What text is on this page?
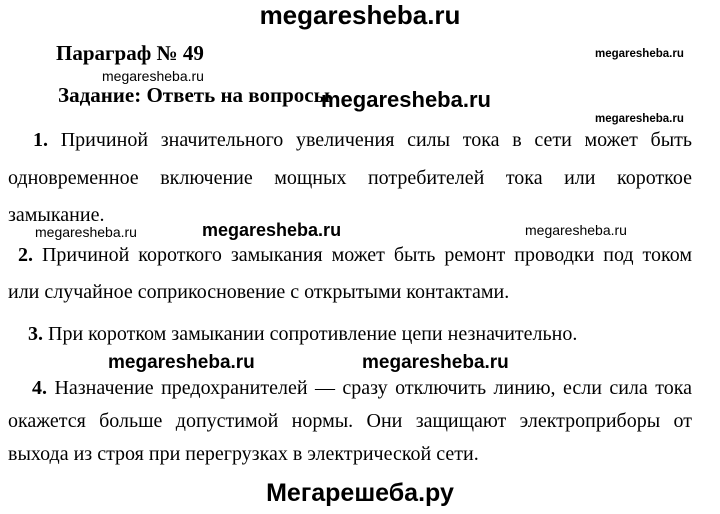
megaresheba.ru
Параграф № 49	megaresheba.ru
megaresheba.ru
Задание: Ответь на вопросы
megaresheba.ru
megaresheba.ru
1. Причиной значительного увеличения силы тока в сети может быть
одновременное включение мощных потребителей тока или короткое
замыкание.
megaresheba.ru	megaresheba.ru	megaresheba.ru
2. Причиной короткого замыкания может быть ремонт проводки под током
или случайное соприкосновение с открытыми контактами.
3. При коротком замыкании сопротивление цепи незначительно.
megaresheba.ru	megaresheba.ru
4. Назначение предохранителей — сразу отключить линию, если сила тока
окажется больше допустимой нормы. Они защищают электроприборы от
выхода из строя при перегрузках в электрической сети.
Мегарешеба.ру
